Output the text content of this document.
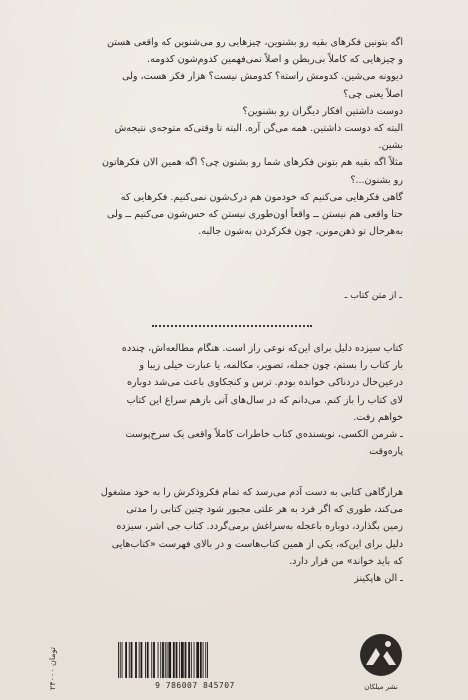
اگه بتونین فکرهای بقیه رو بشنوین، چیزهایی رو می‌شنوین که واقعی هستن
و چیزهایی که کاملاً بی‌ربطن و اصلاً نمی‌فهمین کدوم‌شون کدومه.
دیوونه می‌شین. کدومش راسته؟ کدومش نیست؟ هزار فکر هست، ولی
اصلاً یعنی چی؟
دوست داشتین افکار دیگران رو بشنوین؟
البته که دوست داشتین. همه می‌گن آره. البته تا وقتی‌که متوجه‌ی نتیجه‌ش
بشین.
مثلاً اگه بقیه هم بتونن فکرهای شما رو بشنون چی؟ اگه همین الان فکرهاتون
رو بشنون...؟
گاهی فکرهایی می‌کنیم که خودمون هم درک‌شون نمی‌کنیم. فکرهایی که
حتا واقعی هم نیستن ــ واقعاً اون‌طوری نیستن که حس‌شون می‌کنیم ــ ولی
به‌هرحال تو ذهن‌مونن، چون فکرکردن به‌شون جالبه.
ـ از متن کتاب ـ
کتاب سیزده دلیل برای این‌که نوعی راز است. هنگام مطالعه‌اش، چندده
بار کتاب را بستم، چون جمله، تصویر، مکالمه، یا عبارت خیلی زیبا و
درعین‌حال دردناکی خوانده بودم. ترس و کنجکاوی باعث می‌شد دوباره
لای کتاب را باز کنم. می‌دانم که در سال‌های آتی بازهم سراغ این کتاب
خواهم رفت.
ـ شرمن الکسی، نویسنده‌ی کتاب خاطرات کاملاً واقعی یک سرخ‌پوست
پاره‌وقت
هرازگاهی کتابی به دست آدم می‌رسد که تمام فکرو‌ذکرش را به خود مشغول
می‌کند، طوری که اگر فرد به هر علتی مجبور شود چنین کتابی را مدتی
زمین بگذارد، دوباره باعجله به‌سراغش برمی‌گردد. کتاب جی اشر، سیزده
دلیل برای این‌که، یکی از همین کتاب‌هاست و در بالای فهرست «کتاب‌هایی
که باید خواند» من قرار دارد.
ـ الن هاپکینز
۲۴۰۰۰ تومان
9 786007 845707	نشر میلکان
